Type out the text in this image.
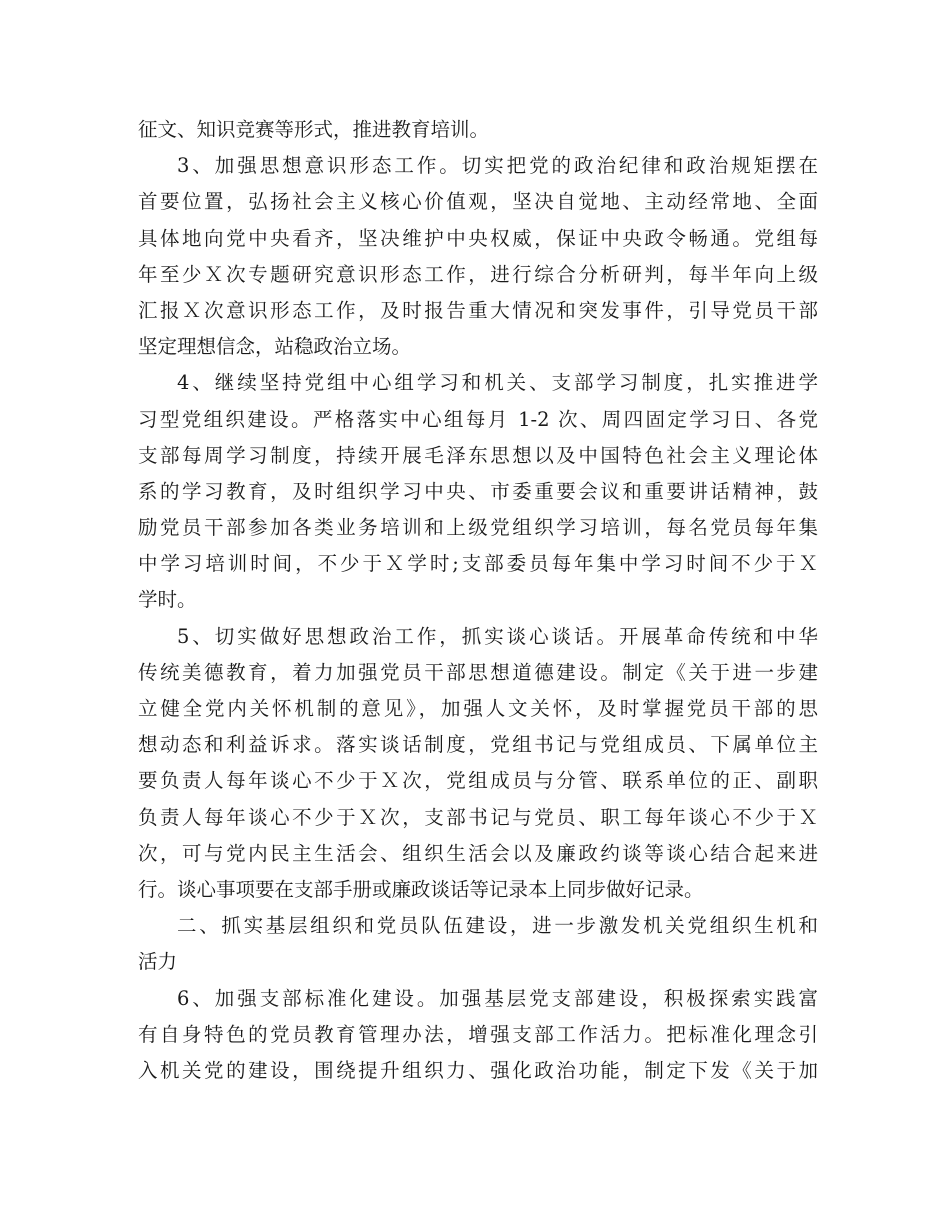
征文、知识竞赛等形式，推进教育培训。
3、加强思想意识形态工作。切实把党的政治纪律和政治规矩摆在
首要位置，弘扬社会主义核心价值观，坚决自觉地、主动经常地、全面
具体地向党中央看齐，坚决维护中央权威，保证中央政令畅通。党组每
年至少Ｘ次专题研究意识形态工作，进行综合分析研判，每半年向上级
汇报Ｘ次意识形态工作，及时报告重大情况和突发事件，引导党员干部
坚定理想信念，站稳政治立场。
4、继续坚持党组中心组学习和机关、支部学习制度，扎实推进学
习型党组织建设。严格落实中心组每月 1-2 次、周四固定学习日、各党
支部每周学习制度，持续开展毛泽东思想以及中国特色社会主义理论体
系的学习教育，及时组织学习中央、市委重要会议和重要讲话精神，鼓
励党员干部参加各类业务培训和上级党组织学习培训，每名党员每年集
中学习培训时间，不少于Ｘ学时;支部委员每年集中学习时间不少于Ｘ
学时。
5、切实做好思想政治工作，抓实谈心谈话。开展革命传统和中华
传统美德教育，着力加强党员干部思想道德建设。制定《关于进一步建
立健全党内关怀机制的意见》，加强人文关怀，及时掌握党员干部的思
想动态和利益诉求。落实谈话制度，党组书记与党组成员、下属单位主
要负责人每年谈心不少于Ｘ次，党组成员与分管、联系单位的正、副职
负责人每年谈心不少于Ｘ次，支部书记与党员、职工每年谈心不少于Ｘ
次，可与党内民主生活会、组织生活会以及廉政约谈等谈心结合起来进
行。谈心事项要在支部手册或廉政谈话等记录本上同步做好记录。
二、抓实基层组织和党员队伍建设，进一步激发机关党组织生机和
活力
6、加强支部标准化建设。加强基层党支部建设，积极探索实践富
有自身特色的党员教育管理办法，增强支部工作活力。把标准化理念引
入机关党的建设，围绕提升组织力、强化政治功能，制定下发《关于加
